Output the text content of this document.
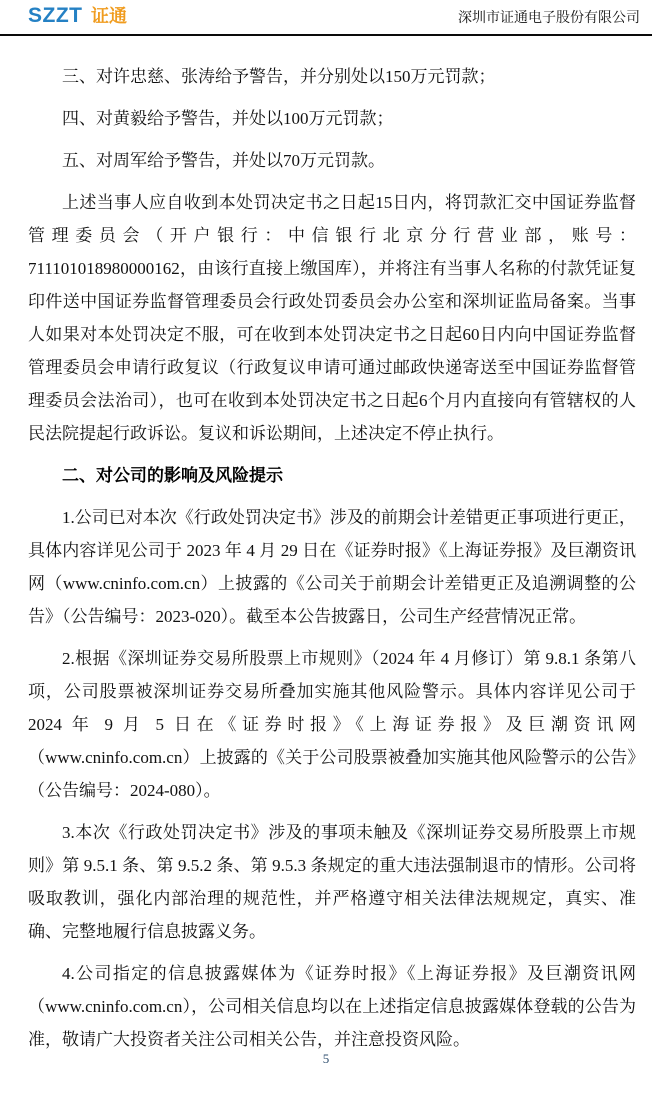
SZZT 证通	深圳市证通电子股份有限公司

三、对许忠慈、张涛给予警告，并分别处以150万元罚款；

四、对黄毅给予警告，并处以100万元罚款；

五、对周军给予警告，并处以70万元罚款。

上述当事人应自收到本处罚决定书之日起15日内，将罚款汇交中国证券监督管理委员会（开户银行：中信银行北京分行营业部，账号：711101018980000162，由该行直接上缴国库），并将注有当事人名称的付款凭证复印件送中国证券监督管理委员会行政处罚委员会办公室和深圳证监局备案。当事人如果对本处罚决定不服，可在收到本处罚决定书之日起60日内向中国证券监督管理委员会申请行政复议（行政复议申请可通过邮政快递寄送至中国证券监督管理委员会法治司），也可在收到本处罚决定书之日起6个月内直接向有管辖权的人民法院提起行政诉讼。复议和诉讼期间，上述决定不停止执行。

二、对公司的影响及风险提示

1.公司已对本次《行政处罚决定书》涉及的前期会计差错更正事项进行更正，具体内容详见公司于 2023 年 4 月 29 日在《证券时报》《上海证券报》及巨潮资讯网（www.cninfo.com.cn）上披露的《公司关于前期会计差错更正及追溯调整的公告》（公告编号：2023-020）。截至本公告披露日，公司生产经营情况正常。

2.根据《深圳证券交易所股票上市规则》（2024 年 4 月修订）第 9.8.1 条第八项，公司股票被深圳证券交易所叠加实施其他风险警示。具体内容详见公司于 2024 年 9 月 5 日在《证券时报》《上海证券报》及巨潮资讯网（www.cninfo.com.cn）上披露的《关于公司股票被叠加实施其他风险警示的公告》（公告编号：2024-080）。

3.本次《行政处罚决定书》涉及的事项未触及《深圳证券交易所股票上市规则》第 9.5.1 条、第 9.5.2 条、第 9.5.3 条规定的重大违法强制退市的情形。公司将吸取教训，强化内部治理的规范性，并严格遵守相关法律法规规定，真实、准确、完整地履行信息披露义务。

4.公司指定的信息披露媒体为《证券时报》《上海证券报》及巨潮资讯网（www.cninfo.com.cn），公司相关信息均以在上述指定信息披露媒体登载的公告为准，敬请广大投资者关注公司相关公告，并注意投资风险。

5
